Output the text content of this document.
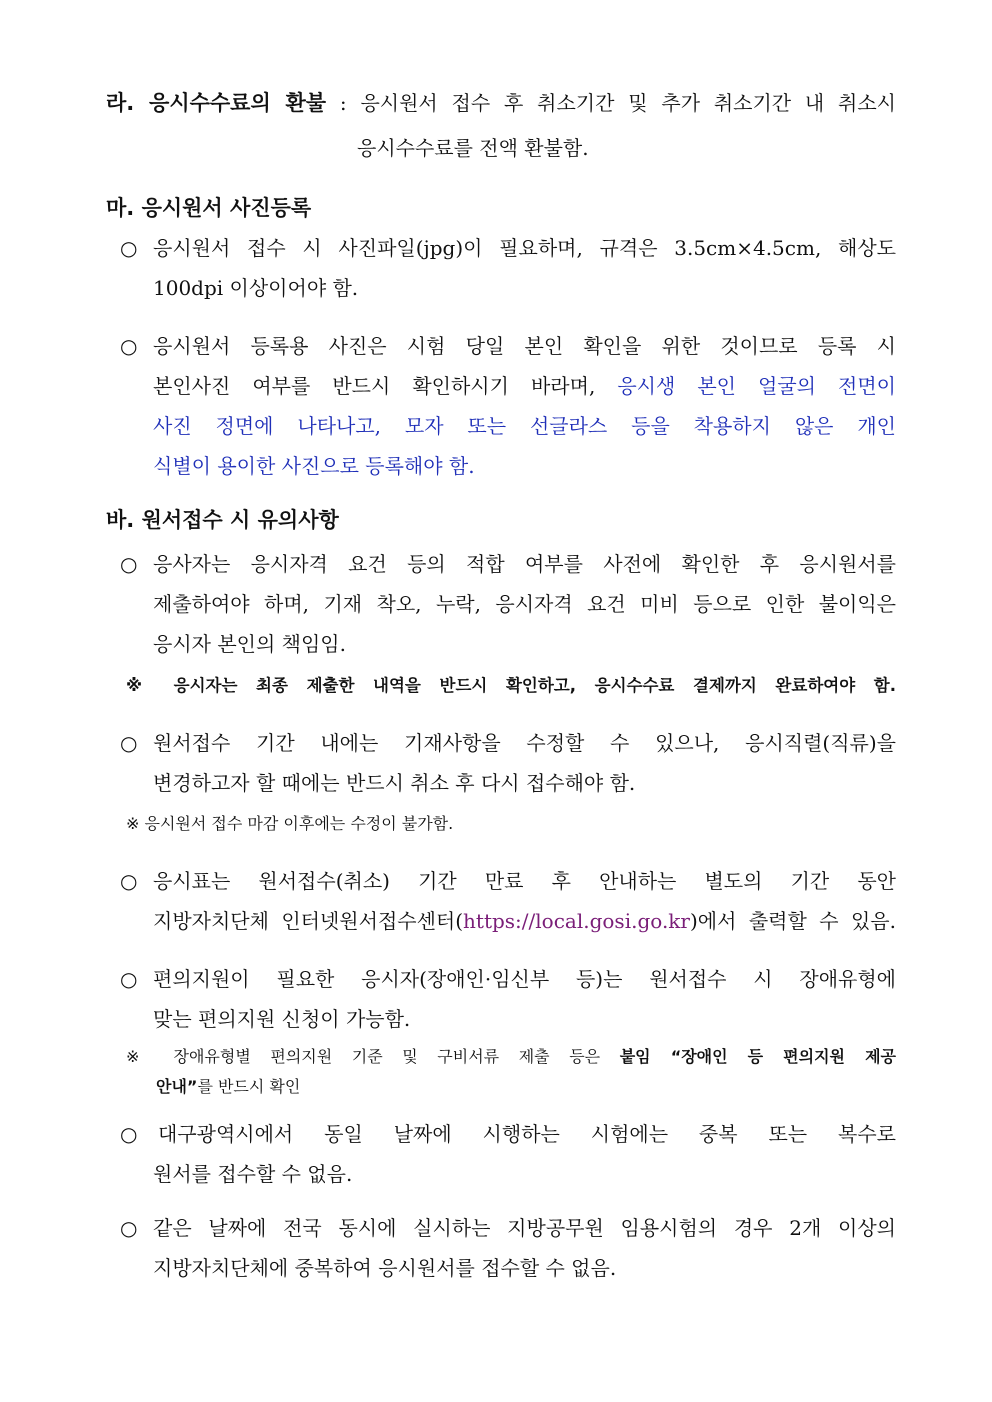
라. 응시수수료의 환불 : 응시원서 접수 후 취소기간 및 추가 취소기간 내 취소시
응시수수료를 전액 환불함.
마. 응시원서 사진등록
○ 응시원서 접수 시 사진파일(jpg)이 필요하며, 규격은 3.5cm×4.5cm, 해상도
100dpi 이상이어야 함.
○ 응시원서 등록용 사진은 시험 당일 본인 확인을 위한 것이므로 등록 시
본인사진 여부를 반드시 확인하시기 바라며, 응시생 본인 얼굴의 전면이
사진 정면에 나타나고, 모자 또는 선글라스 등을 착용하지 않은 개인
식별이 용이한 사진으로 등록해야 함.
바. 원서접수 시 유의사항
○ 응사자는 응시자격 요건 등의 적합 여부를 사전에 확인한 후 응시원서를
제출하여야 하며, 기재 착오, 누락, 응시자격 요건 미비 등으로 인한 불이익은
응시자 본인의 책임임.
※ 응시자는 최종 제출한 내역을 반드시 확인하고, 응시수수료 결제까지 완료하여야 함.
○ 원서접수 기간 내에는 기재사항을 수정할 수 있으나, 응시직렬(직류)을
변경하고자 할 때에는 반드시 취소 후 다시 접수해야 함.
※ 응시원서 접수 마감 이후에는 수정이 불가함.
○ 응시표는 원서접수(취소) 기간 만료 후 안내하는 별도의 기간 동안
지방자치단체 인터넷원서접수센터(https://local.gosi.go.kr)에서 출력할 수 있음.
○ 편의지원이 필요한 응시자(장애인·임신부 등)는 원서접수 시 장애유형에
맞는 편의지원 신청이 가능함.
※ 장애유형별 편의지원 기준 및 구비서류 제출 등은 붙임 “장애인 등 편의지원 제공
안내”를 반드시 확인
○	대구광역시에서 동일 날짜에 시행하는 시험에는 중복 또는 복수로
원서를 접수할 수 없음.
○ 같은 날짜에 전국 동시에 실시하는 지방공무원 임용시험의 경우 2개 이상의
지방자치단체에 중복하여 응시원서를 접수할 수 없음.
